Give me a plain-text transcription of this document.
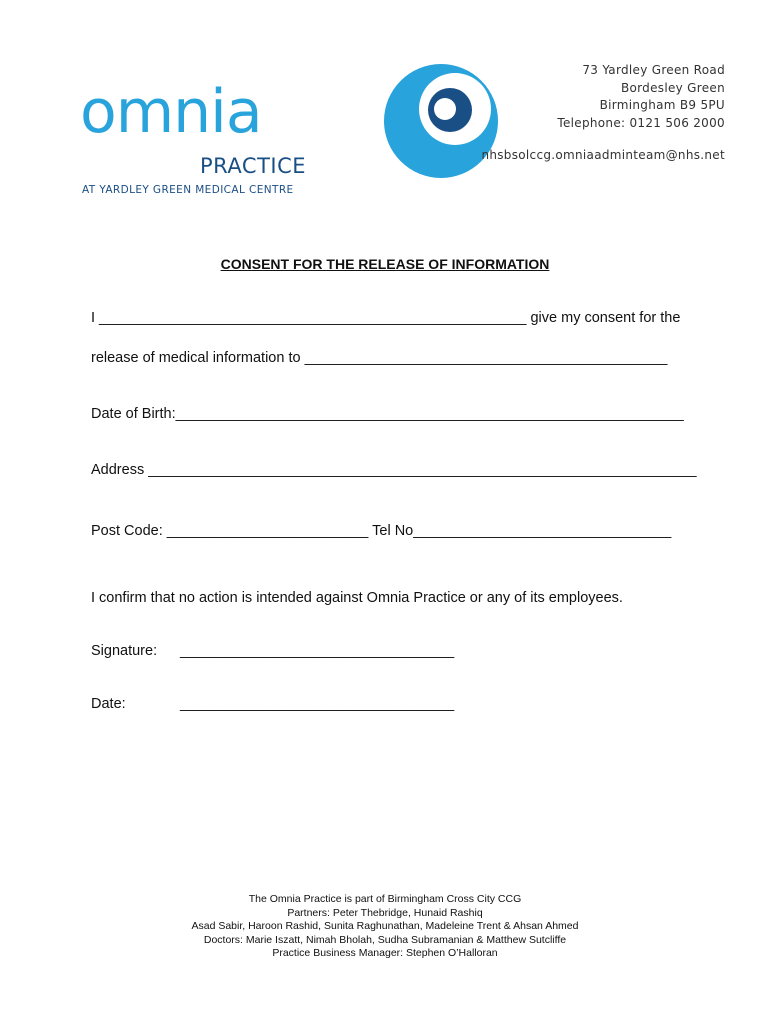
omnia
PRACTICE
AT YARDLEY GREEN MEDICAL CENTRE
73 Yardley Green Road
Bordesley Green
Birmingham B9 5PU
Telephone: 0121 506 2000
nhsbsolccg.omniaadminteam@nhs.net
CONSENT FOR THE RELEASE OF INFORMATION
I _____________________________________________________ give my consent for the
release of medical information to _____________________________________________
Date of Birth:_______________________________________________________________
Address ____________________________________________________________________
Post Code: _________________________ Tel No________________________________
I confirm that no action is intended against Omnia Practice or any of its employees.
Signature: __________________________________
Date:	__________________________________
The Omnia Practice is part of Birmingham Cross City CCG
Partners: Peter Thebridge, Hunaid Rashiq
Asad Sabir, Haroon Rashid, Sunita Raghunathan, Madeleine Trent & Ahsan Ahmed
Doctors: Marie Iszatt, Nimah Bholah, Sudha Subramanian & Matthew Sutcliffe
Practice Business Manager: Stephen O’Halloran
